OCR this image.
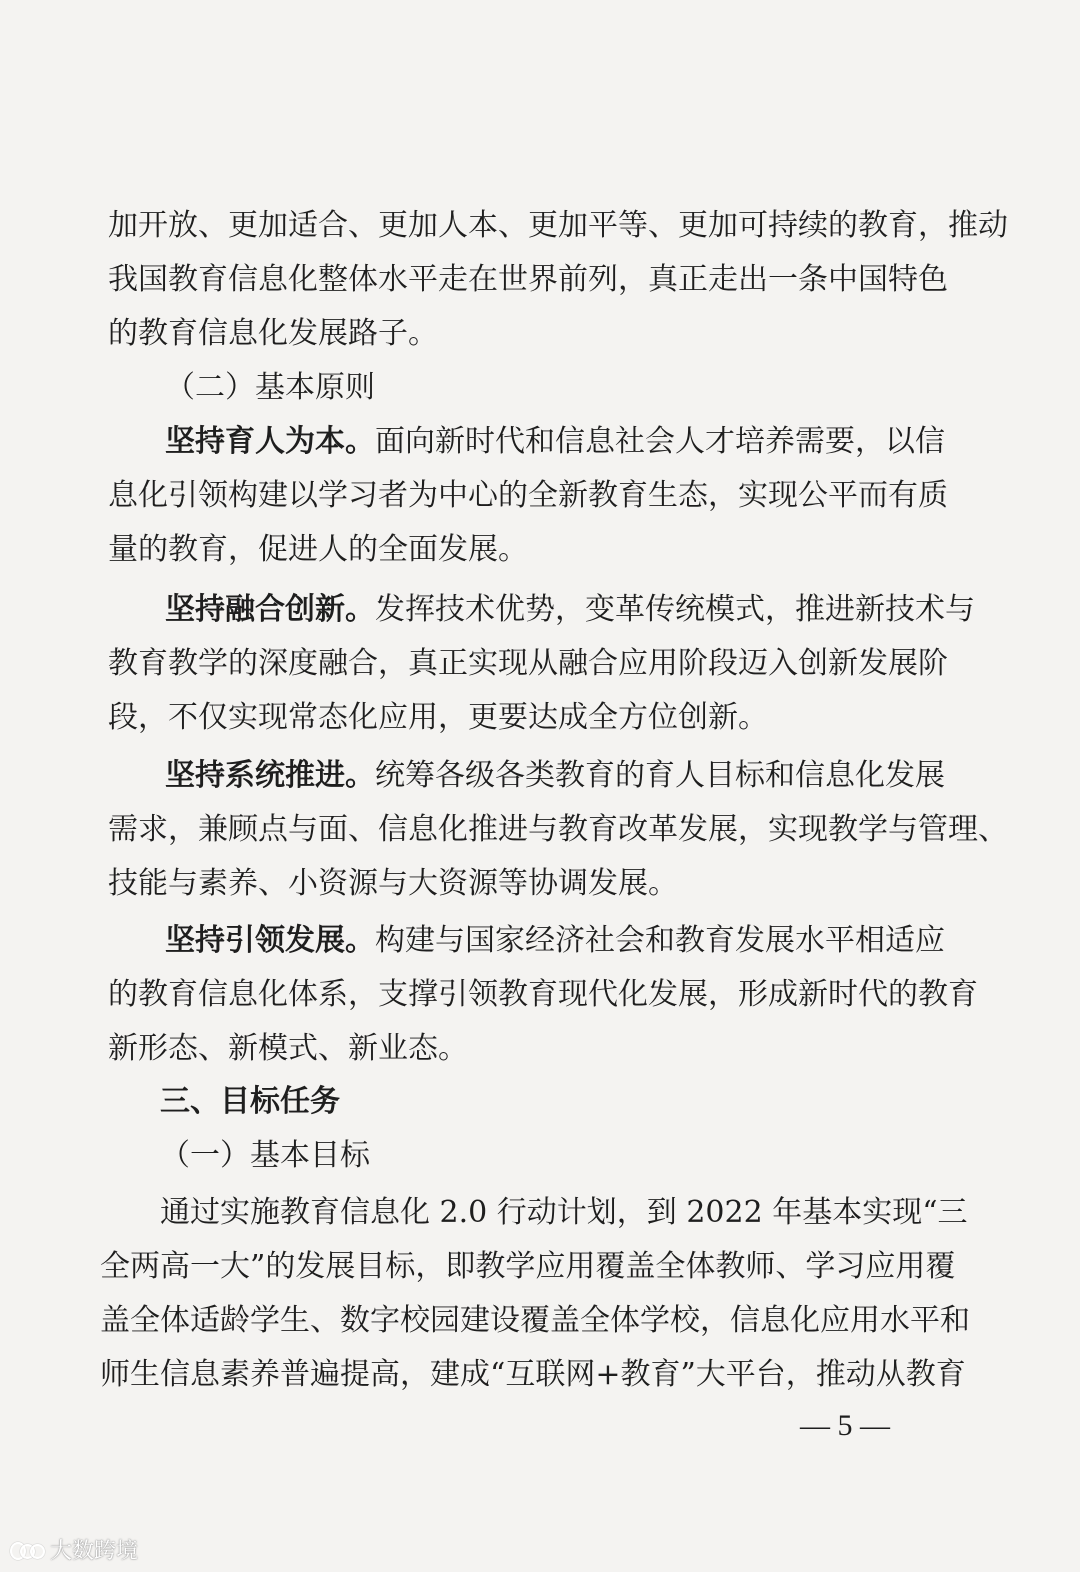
加开放、更加适合、更加人本、更加平等、更加可持续的教育，推动
我国教育信息化整体水平走在世界前列，真正走出一条中国特色
的教育信息化发展路子。
（二）基本原则
坚持育人为本。面向新时代和信息社会人才培养需要，以信
息化引领构建以学习者为中心的全新教育生态，实现公平而有质
量的教育，促进人的全面发展。
坚持融合创新。发挥技术优势，变革传统模式，推进新技术与
教育教学的深度融合，真正实现从融合应用阶段迈入创新发展阶
段，不仅实现常态化应用，更要达成全方位创新。
坚持系统推进。统筹各级各类教育的育人目标和信息化发展
需求，兼顾点与面、信息化推进与教育改革发展，实现教学与管理、
技能与素养、小资源与大资源等协调发展。
坚持引领发展。构建与国家经济社会和教育发展水平相适应
的教育信息化体系，支撑引领教育现代化发展，形成新时代的教育
新形态、新模式、新业态。
三、目标任务
（一）基本目标
通过实施教育信息化 2.0 行动计划，到 2022 年基本实现“三
全两高一大”的发展目标，即教学应用覆盖全体教师、学习应用覆
盖全体适龄学生、数字校园建设覆盖全体学校，信息化应用水平和
师生信息素养普遍提高，建成“互联网+教育”大平台，推动从教育
— 5 —
大数跨境
